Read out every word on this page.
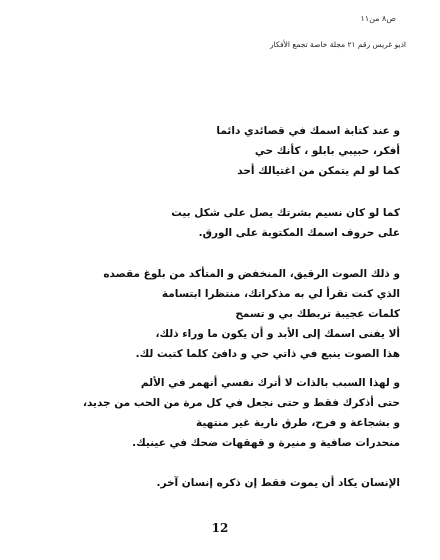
ص٨ من١١
اذيو غريس رقم ٢١ مجلة خاصة تجمع الأفكار
و عند كتابة اسمك في قصائدي دائما
أفكر، حبيبي بابلو ، كأنك حي
كما لو لم يتمكن من اغتيالك أحد
كما لو كان نسيم بشرتك يصل على شكل بيت
على حروف اسمك المكتوبة على الورق.
و ذلك الصوت الرقيق، المنخفض و المتأكد من بلوغ مقصده
الذي كنت تقرأ لي به مذكراتك، منتظرا ابتسامة
كلمات عجيبة تربطك بي و تسمح
ألا يفنى اسمك إلى الأبد و أن يكون ما وراء ذلك،
هذا الصوت ينبع في ذاتي حي و دافئ كلما كتبت لك.
و لهذا السبب بالذات لا أترك نفسي أنهمر في الألم
حتى أذكرك فقط و حتى نجعل في كل مرة من الحب من جديد،
و بشجاعة و فرح، طرق نارية غير منتهية
منحدرات صافية و منيرة و قهقهات ضحك في عينيك.
الإنسان يكاد أن يموت فقط إن ذكره إنسان آخر.
12
